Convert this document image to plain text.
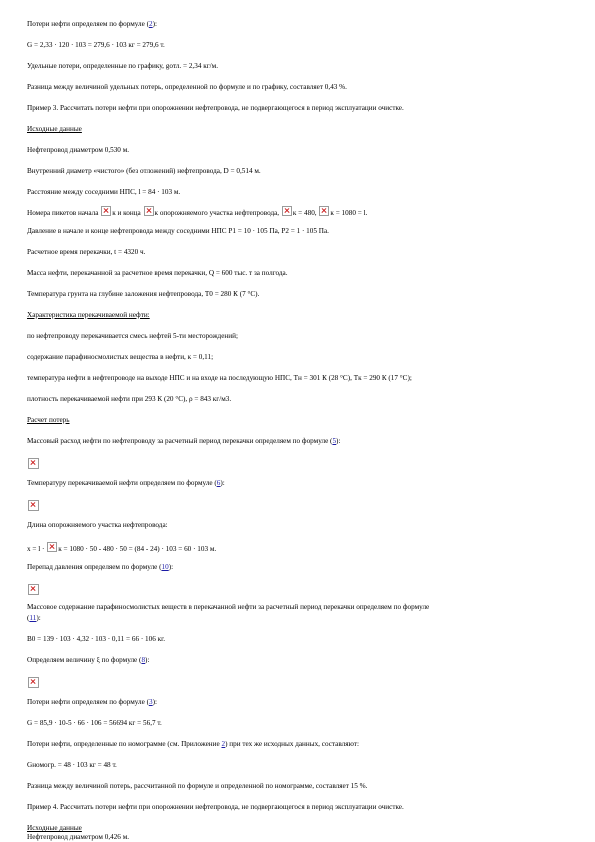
Потери нефти определяем по формуле (2):
G = 2,33 · 120 · 103 = 279,6 · 103 кг = 279,6 т.
Удельные потери, определенные по графику, gотл. = 2,34 кг/м.
Разница между величиной удельных потерь, определенной по формуле и по графику, составляет 0,43 %.
Пример 3. Рассчитать потери нефти при опорожнении нефтепровода, не подвергающегося в период эксплуатации очистке.
Исходные данные
Нефтепровод диаметром 0,530 м.
Внутренний диаметр «чистого» (без отложений) нефтепровода, D = 0,514 м.
Расстояние между соседними НПС, l = 84 · 103 м.
Номера пикетов начала к и конца к опорожняемого участка нефтепровода, к = 480, к = 1080 = l.
Давление в начале и конце нефтепровода между соседними НПС P1 = 10 · 105 Па, P2 = 1 · 105 Па.
Расчетное время перекачки, t = 4320 ч.
Масса нефти, перекачанной за расчетное время перекачки, Q = 600 тыс. т за полгода.
Температура грунта на глубине заложения нефтепровода, T0 = 280 К (7 °С).
Характеристика перекачиваемой нефти:
по нефтепроводу перекачивается смесь нефтей 5-ти месторождений;
содержание парафиносмолистых вещества в нефти, к = 0,11;
температура нефти в нефтепроводе на выходе НПС и на входе на последующую НПС, Tн = 301 К (28 °С), Tк = 290 К (17 °С);
плотность перекачиваемой нефти при 293 К (20 °С), ρ = 843 кг/м3.
Расчет потерь
Массовый расход нефти по нефтепроводу за расчетный период перекачки определяем по формуле (5):
Температуру перекачиваемой нефти определяем по формуле (6):
Длина опорожняемого участка нефтепровода:
x = l · к = 1080 · 50 - 480 · 50 = (84 - 24) · 103 = 60 · 103 м.
Перепад давления определяем по формуле (10):
Массовое содержание парафиносмолистых веществ в перекачанной нефти за расчетный период перекачки определяем по формуле
(11):
B0 = 139 · 103 · 4,32 · 103 · 0,11 = 66 · 106 кг.
Определяем величину ξ по формуле (8):
Потери нефти определяем по формуле (3):
G = 85,9 · 10-5 · 66 · 106 = 56694 кг = 56,7 т.
Потери нефти, определенные по номограмме (см. Приложение 2) при тех же исходных данных, составляют:
Gномогр. = 48 · 103 кг = 48 т.
Разница между величиной потерь, рассчитанной по формуле и определенной по номограмме, составляет 15 %.
Пример 4. Рассчитать потери нефти при опорожнении нефтепровода, не подвергающегося в период эксплуатации очистке.
Исходные данные
Нефтепровод диаметром 0,426 м.
